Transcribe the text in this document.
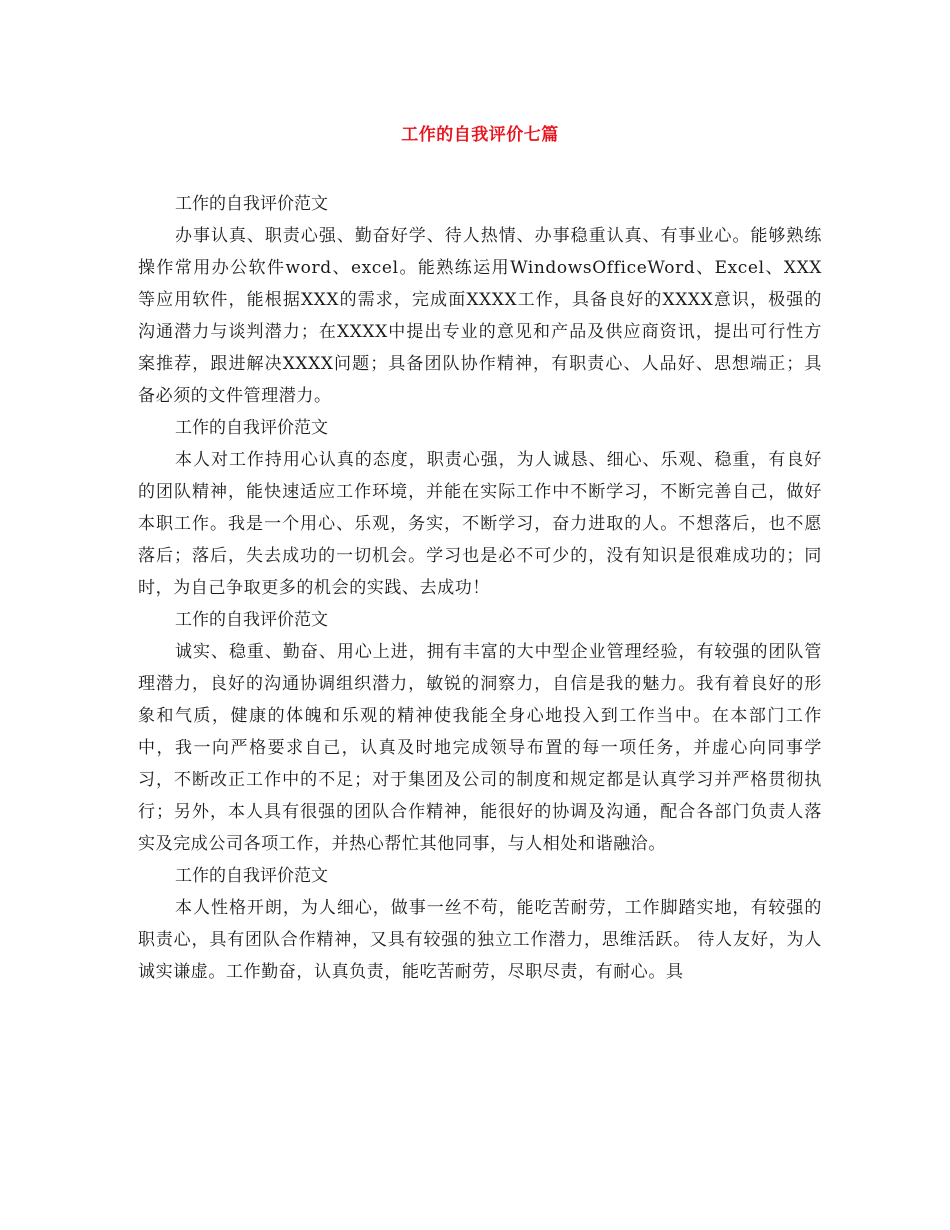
工作的自我评价七篇

工作的自我评价范文

办事认真、职责心强、勤奋好学、待人热情、办事稳重认真、有事业心。能够熟练操作常用办公软件word、excel。能熟练运用WindowsOfficeWord、Excel、XXX等应用软件，能根据XXX的需求，完成面XXXX工作，具备良好的XXXX意识，极强的沟通潜力与谈判潜力；在XXXX中提出专业的意见和产品及供应商资讯，提出可行性方案推荐，跟进解决XXXX问题；具备团队协作精神，有职责心、人品好、思想端正；具备必须的文件管理潜力。

工作的自我评价范文

本人对工作持用心认真的态度，职责心强，为人诚恳、细心、乐观、稳重，有良好的团队精神，能快速适应工作环境，并能在实际工作中不断学习，不断完善自己，做好本职工作。我是一个用心、乐观，务实，不断学习，奋力进取的人。不想落后，也不愿落后；落后，失去成功的一切机会。学习也是必不可少的，没有知识是很难成功的；同时，为自己争取更多的机会的实践、去成功！

工作的自我评价范文

诚实、稳重、勤奋、用心上进，拥有丰富的大中型企业管理经验，有较强的团队管理潜力，良好的沟通协调组织潜力，敏锐的洞察力，自信是我的魅力。我有着良好的形象和气质，健康的体魄和乐观的精神使我能全身心地投入到工作当中。在本部门工作中，我一向严格要求自己，认真及时地完成领导布置的每一项任务，并虚心向同事学习，不断改正工作中的不足；对于集团及公司的制度和规定都是认真学习并严格贯彻执行；另外，本人具有很强的团队合作精神，能很好的协调及沟通，配合各部门负责人落实及完成公司各项工作，并热心帮忙其他同事，与人相处和谐融洽。

工作的自我评价范文

本人性格开朗，为人细心，做事一丝不苟，能吃苦耐劳，工作脚踏实地，有较强的职责心，具有团队合作精神，又具有较强的独立工作潜力，思维活跃。 待人友好，为人诚实谦虚。工作勤奋，认真负责，能吃苦耐劳，尽职尽责，有耐心。具
